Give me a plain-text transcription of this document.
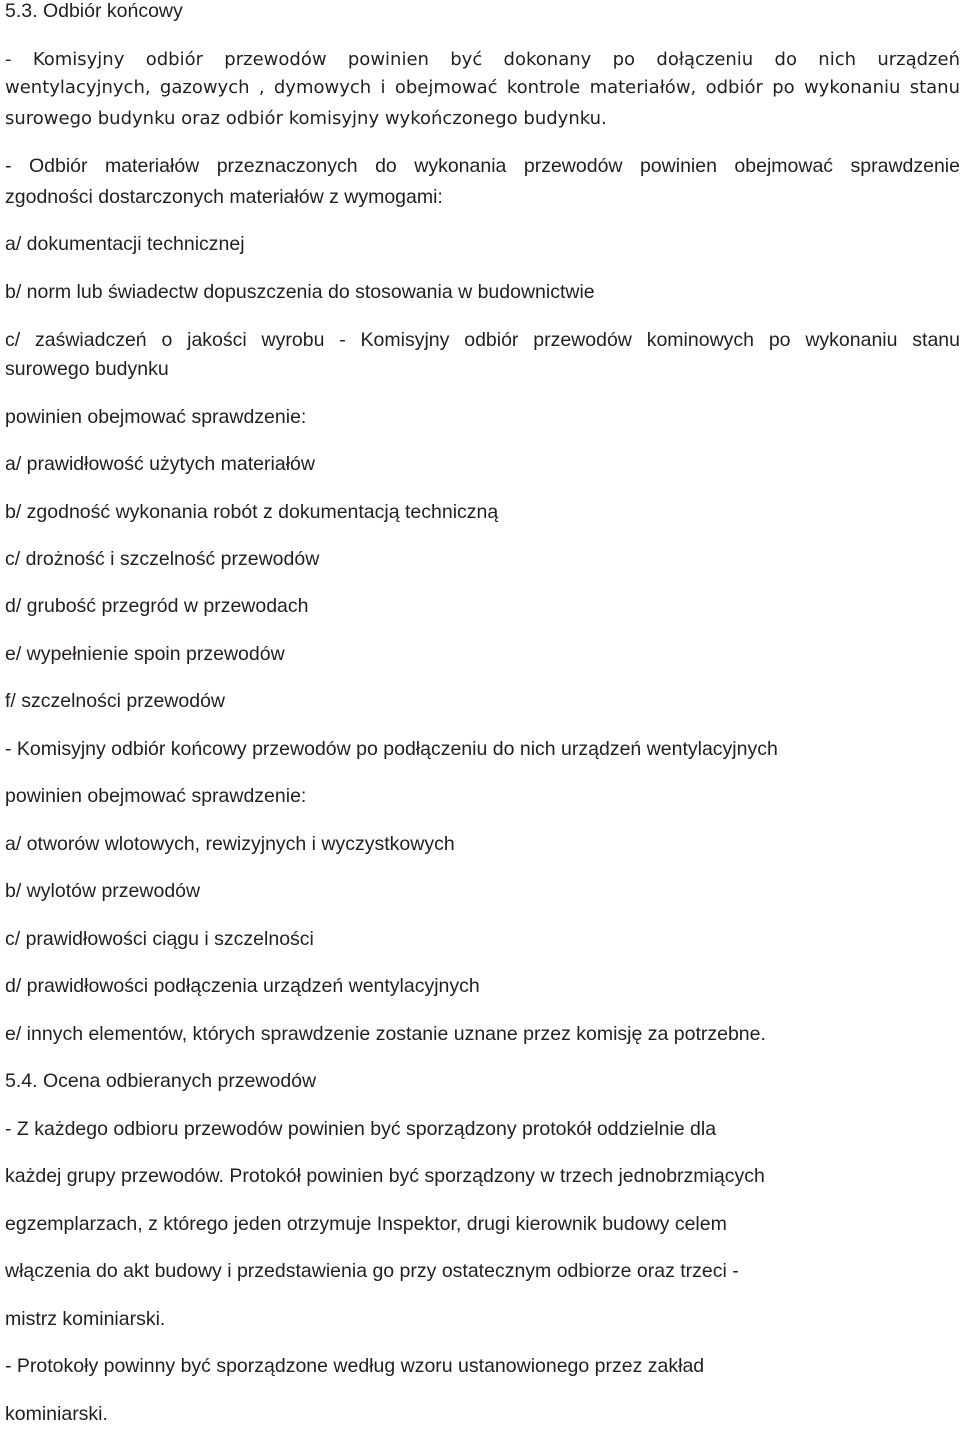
5.3. Odbiór końcowy

- Komisyjny odbiór przewodów powinien być dokonany po dołączeniu do nich urządzeń

wentylacyjnych, gazowych , dymowych i obejmować kontrole materiałów, odbiór po wykonaniu stanu

surowego budynku oraz odbiór komisyjny wykończonego budynku.

- Odbiór materiałów przeznaczonych do wykonania przewodów powinien obejmować sprawdzenie

zgodności dostarczonych materiałów z wymogami:

a/ dokumentacji technicznej

b/ norm lub świadectw dopuszczenia do stosowania w budownictwie

c/ zaświadczeń o jakości wyrobu - Komisyjny odbiór przewodów kominowych po wykonaniu stanu

surowego budynku

powinien obejmować sprawdzenie:

a/ prawidłowość użytych materiałów

b/ zgodność wykonania robót z dokumentacją techniczną

c/ drożność i szczelność przewodów

d/ grubość przegród w przewodach

e/ wypełnienie spoin przewodów

f/ szczelności przewodów

- Komisyjny odbiór końcowy przewodów po podłączeniu do nich urządzeń wentylacyjnych

powinien obejmować sprawdzenie:

a/ otworów wlotowych, rewizyjnych i wyczystkowych

b/ wylotów przewodów

c/ prawidłowości ciągu i szczelności

d/ prawidłowości podłączenia urządzeń wentylacyjnych

e/ innych elementów, których sprawdzenie zostanie uznane przez komisję za potrzebne.

5.4. Ocena odbieranych przewodów

- Z każdego odbioru przewodów powinien być sporządzony protokół oddzielnie dla

każdej grupy przewodów. Protokół powinien być sporządzony w trzech jednobrzmiących

egzemplarzach, z którego jeden otrzymuje Inspektor, drugi kierownik budowy celem

włączenia do akt budowy i przedstawienia go przy ostatecznym odbiorze oraz trzeci -

mistrz kominiarski.

- Protokoły powinny być sporządzone według wzoru ustanowionego przez zakład

kominiarski.
